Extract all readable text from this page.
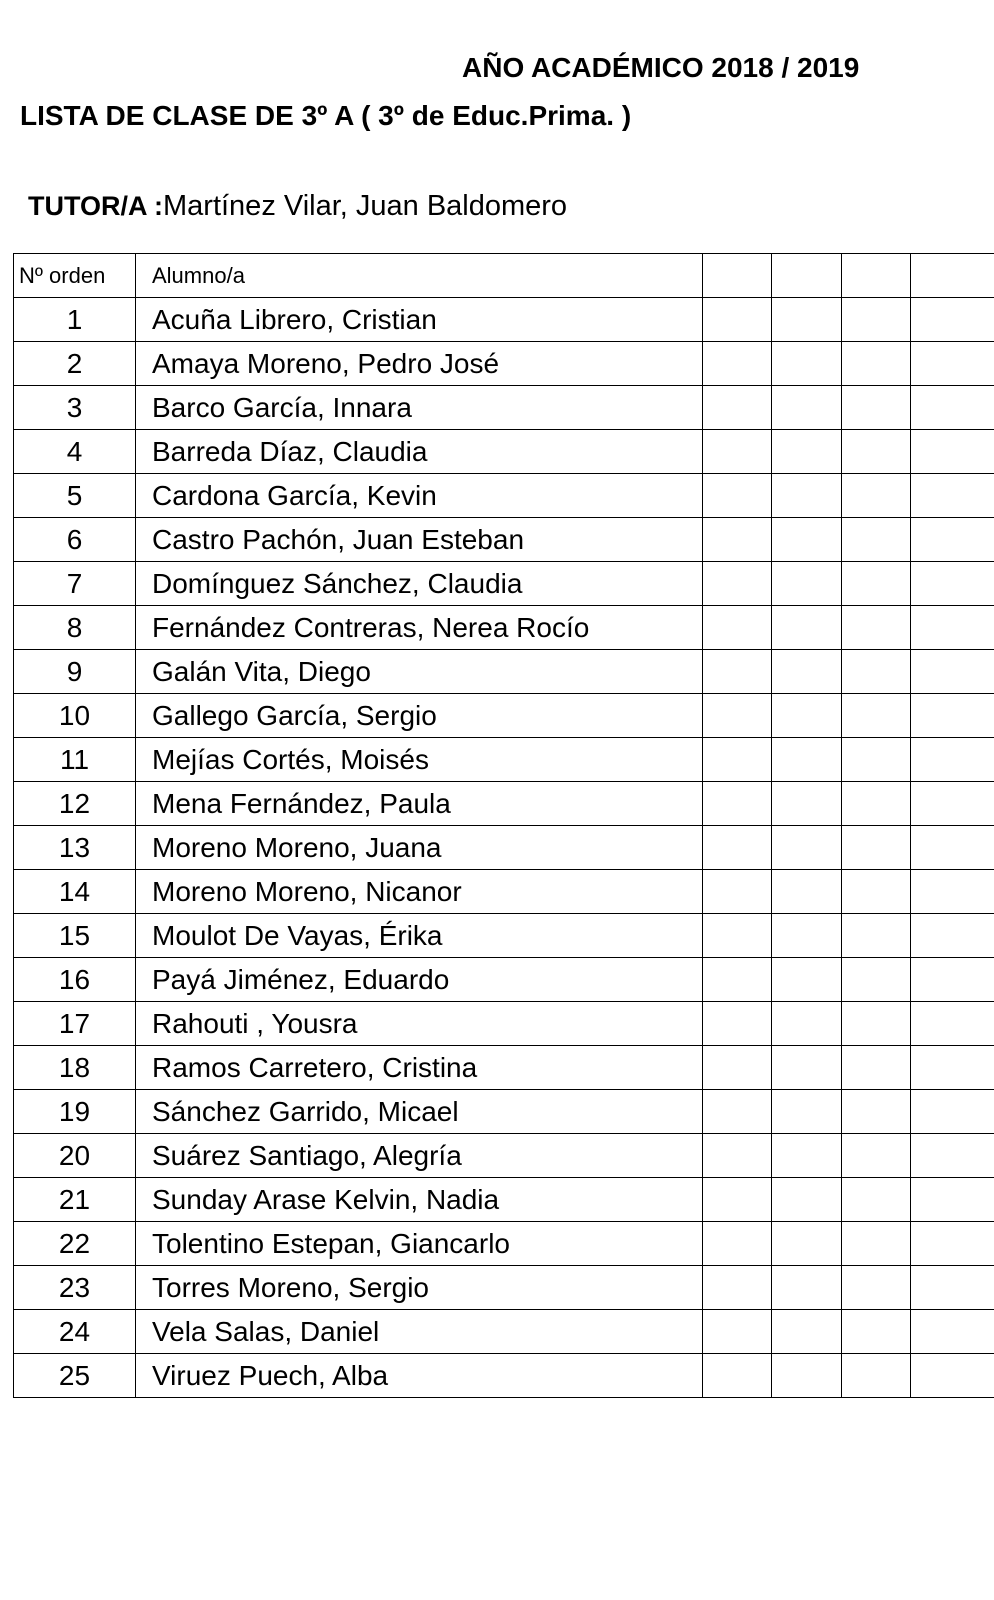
AÑO ACADÉMICO 2018 / 2019
LISTA DE CLASE DE 3º A ( 3º de Educ.Prima. )
TUTOR/A :Martínez Vilar, Juan Baldomero
Nº orden	Alumno/a				
1	Acuña Librero, Cristian				
2	Amaya Moreno, Pedro José				
3	Barco García, Innara				
4	Barreda Díaz, Claudia				
5	Cardona García, Kevin				
6	Castro Pachón, Juan Esteban				
7	Domínguez Sánchez, Claudia				
8	Fernández Contreras, Nerea Rocío				
9	Galán Vita, Diego				
10	Gallego García, Sergio				
11	Mejías Cortés, Moisés				
12	Mena Fernández, Paula				
13	Moreno Moreno, Juana				
14	Moreno Moreno, Nicanor				
15	Moulot De Vayas, Érika				
16	Payá Jiménez, Eduardo				
17	Rahouti , Yousra				
18	Ramos Carretero, Cristina				
19	Sánchez Garrido, Micael				
20	Suárez Santiago, Alegría				
21	Sunday Arase Kelvin, Nadia				
22	Tolentino Estepan, Giancarlo				
23	Torres Moreno, Sergio				
24	Vela Salas, Daniel				
25	Viruez Puech, Alba				
